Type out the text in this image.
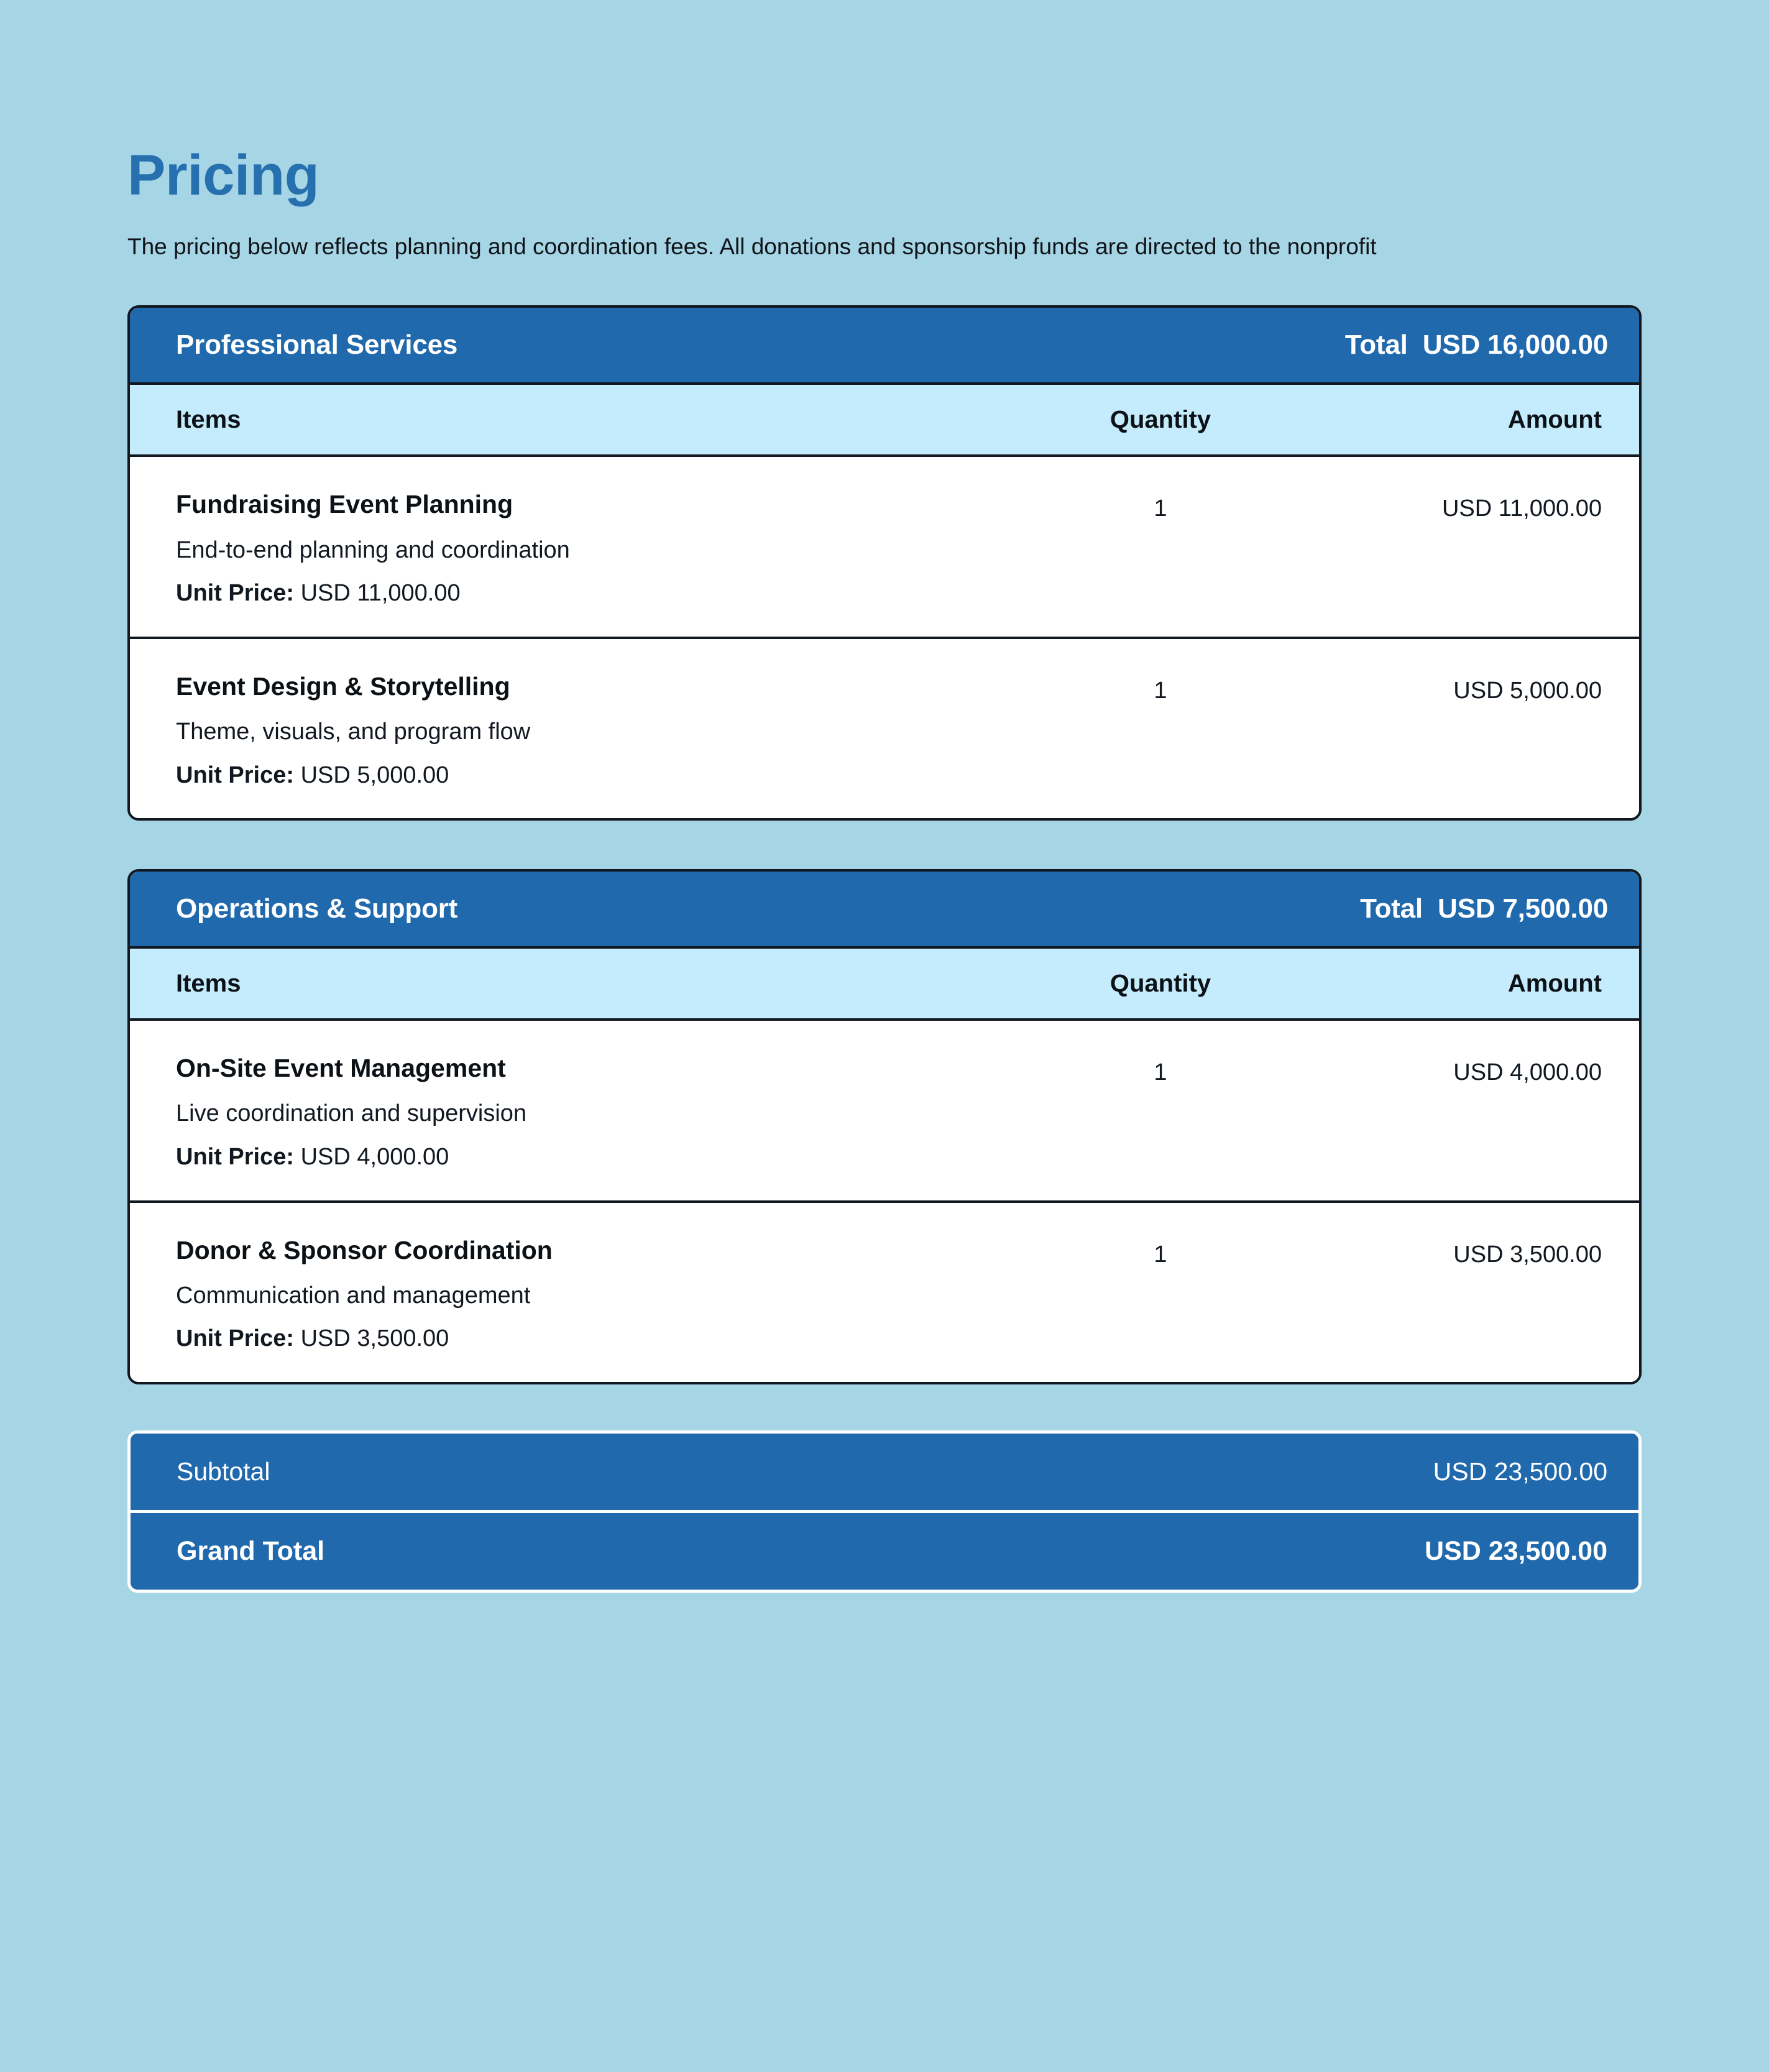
Pricing

The pricing below reflects planning and coordination fees. All donations and sponsorship funds are directed to the nonprofit

Professional Services	Total USD 16,000.00
Items	Quantity	Amount
Fundraising Event Planning
End-to-end planning and coordination
Unit Price: USD 11,000.00
1	USD 11,000.00
Event Design & Storytelling
Theme, visuals, and program flow
Unit Price: USD 5,000.00
1	USD 5,000.00
Operations & Support	Total USD 7,500.00
Items	Quantity	Amount
On-Site Event Management
Live coordination and supervision
Unit Price: USD 4,000.00
1	USD 4,000.00
Donor & Sponsor Coordination
Communication and management
Unit Price: USD 3,500.00
1	USD 3,500.00
Subtotal	USD 23,500.00
Grand Total	USD 23,500.00
